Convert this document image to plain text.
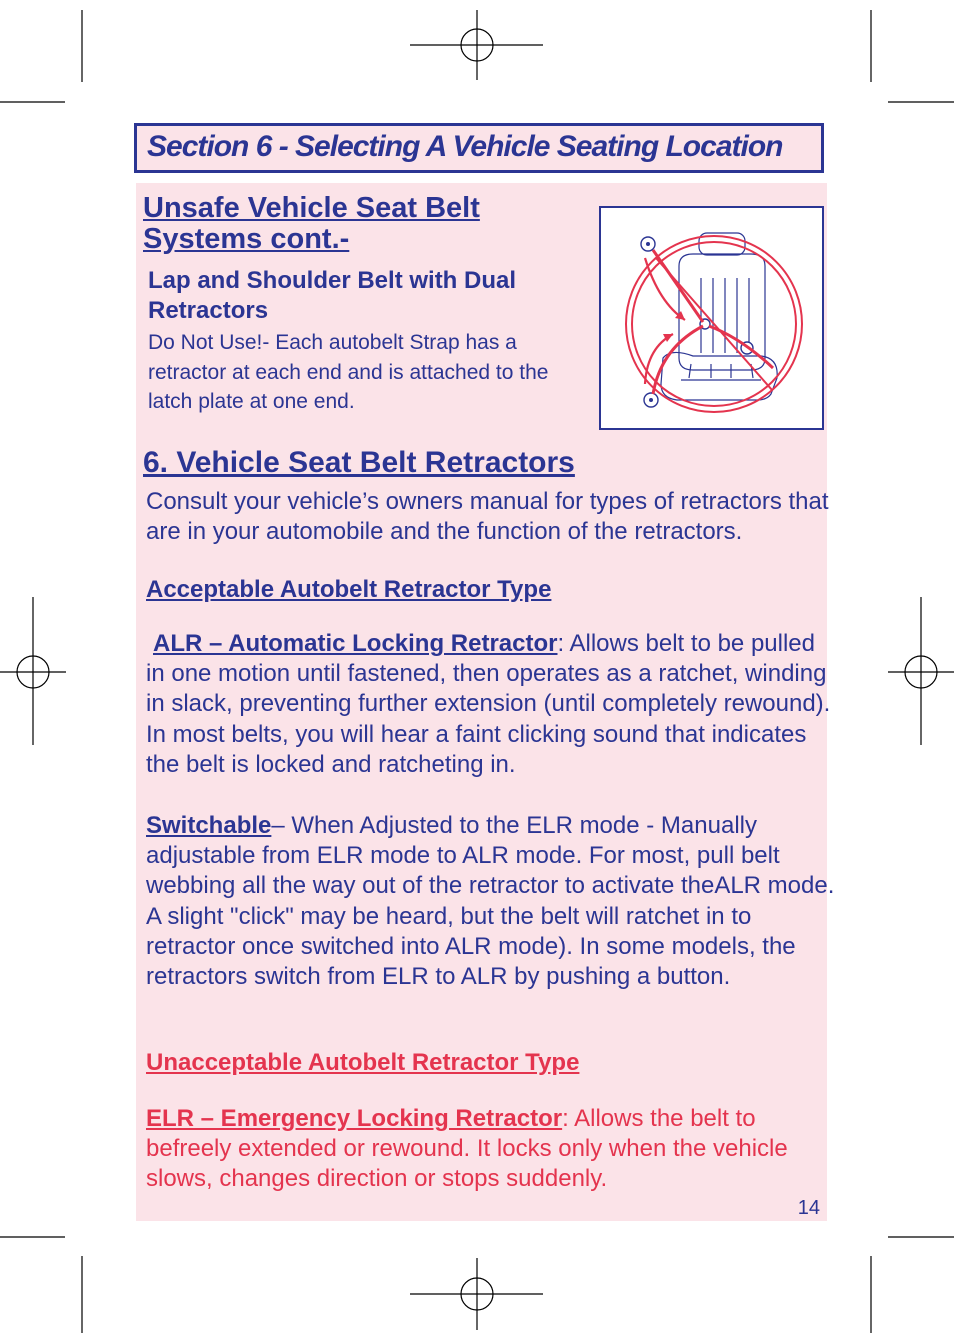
Section 6 - Selecting A Vehicle Seating Location
Unsafe Vehicle Seat Belt Systems cont.-
Lap and Shoulder Belt with Dual Retractors

Do Not Use!- Each autobelt Strap has a retractor at each end and is attached to the latch plate at one end.

6. Vehicle Seat Belt Retractors

Consult your vehicle’s owners manual for types of retractors that are in your automobile and the function of the retractors.

Acceptable Autobelt Retractor Type

ALR – Automatic Locking Retractor: Allows belt to be pulled in one motion until fastened, then operates as a ratchet, winding in slack, preventing further extension (until completely rewound). In most belts, you will hear a faint clicking sound that indicates the belt is locked and ratcheting in.

Switchable– When Adjusted to the ELR mode - Manually adjustable from ELR mode to ALR mode. For most, pull belt webbing all the way out of the retractor to activate theALR mode. A slight "click" may be heard, but the belt will ratchet in to retractor once switched into ALR mode). In some models, the retractors switch from ELR to ALR by pushing a button.

Unacceptable Autobelt Retractor Type

ELR – Emergency Locking Retractor: Allows the belt to befreely extended or rewound. It locks only when the vehicle slows, changes direction or stops suddenly.

14
